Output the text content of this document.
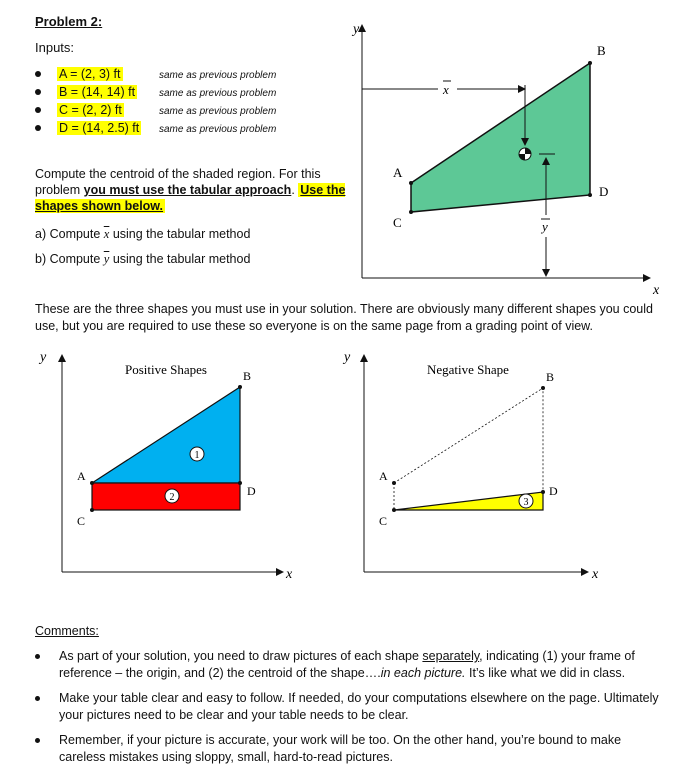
Problem 2:
Inputs:
A = (2, 3) ft
B = (14, 14) ft
C = (2, 2) ft
D = (14, 2.5) ft
same as previous problem
same as previous problem
same as previous problem
same as previous problem
Compute the centroid of the shaded region. For this problem you must use the tabular approach. Use the shapes shown below.
a) Compute $\overline{x}$ using the tabular method
b) Compute $\overline{y}$ using the tabular method
y
x
A
B
C
D
x
y
These are the three shapes you must use in your solution. There are obviously many different shapes you could use, but you are required to use these so everyone is on the same page from a grading point of view.
y
x
Positive Shapes
A
B
C
D
1
2
y
x
Negative Shape
A
B
C
D
3
Comments:
As part of your solution, you need to draw pictures of each shape separately, indicating (1) your frame of reference – the origin, and (2) the centroid of the shape….in each picture. It’s like what we did in class.
Make your table clear and easy to follow. If needed, do your computations elsewhere on the page. Ultimately your pictures need to be clear and your table needs to be clear.
Remember, if your picture is accurate, your work will be too. On the other hand, you’re bound to make careless mistakes using sloppy, small, hard-to-read pictures.
